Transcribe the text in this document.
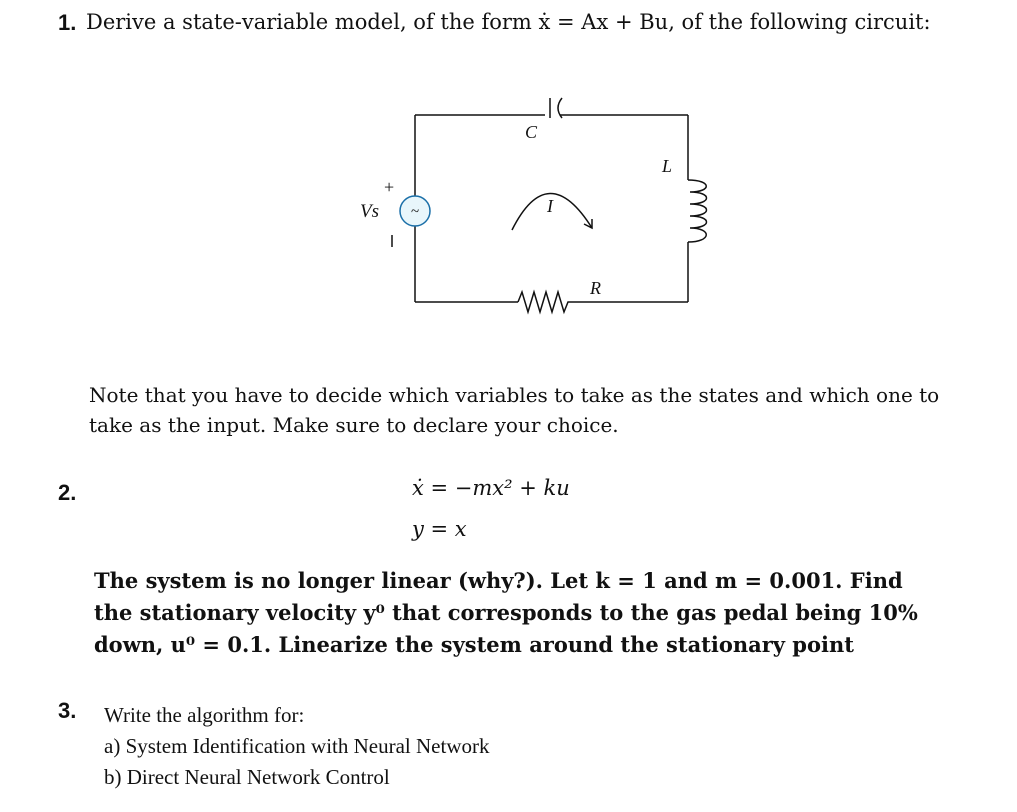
1. Derive a state-variable model, of the form ẋ = Ax + Bu, of the following circuit:
~
+
Vs
C
L
R
I
Note that you have to decide which variables to take as the states and which one to
take as the input. Make sure to declare your choice.
2.	ẋ = −mx² + ku
y = x
The system is no longer linear (why?). Let k = 1 and m = 0.001. Find
the stationary velocity y⁰ that corresponds to the gas pedal being 10%
down, u⁰ = 0.1. Linearize the system around the stationary point
3. Write the algorithm for:
a) System Identification with Neural Network
b) Direct Neural Network Control
